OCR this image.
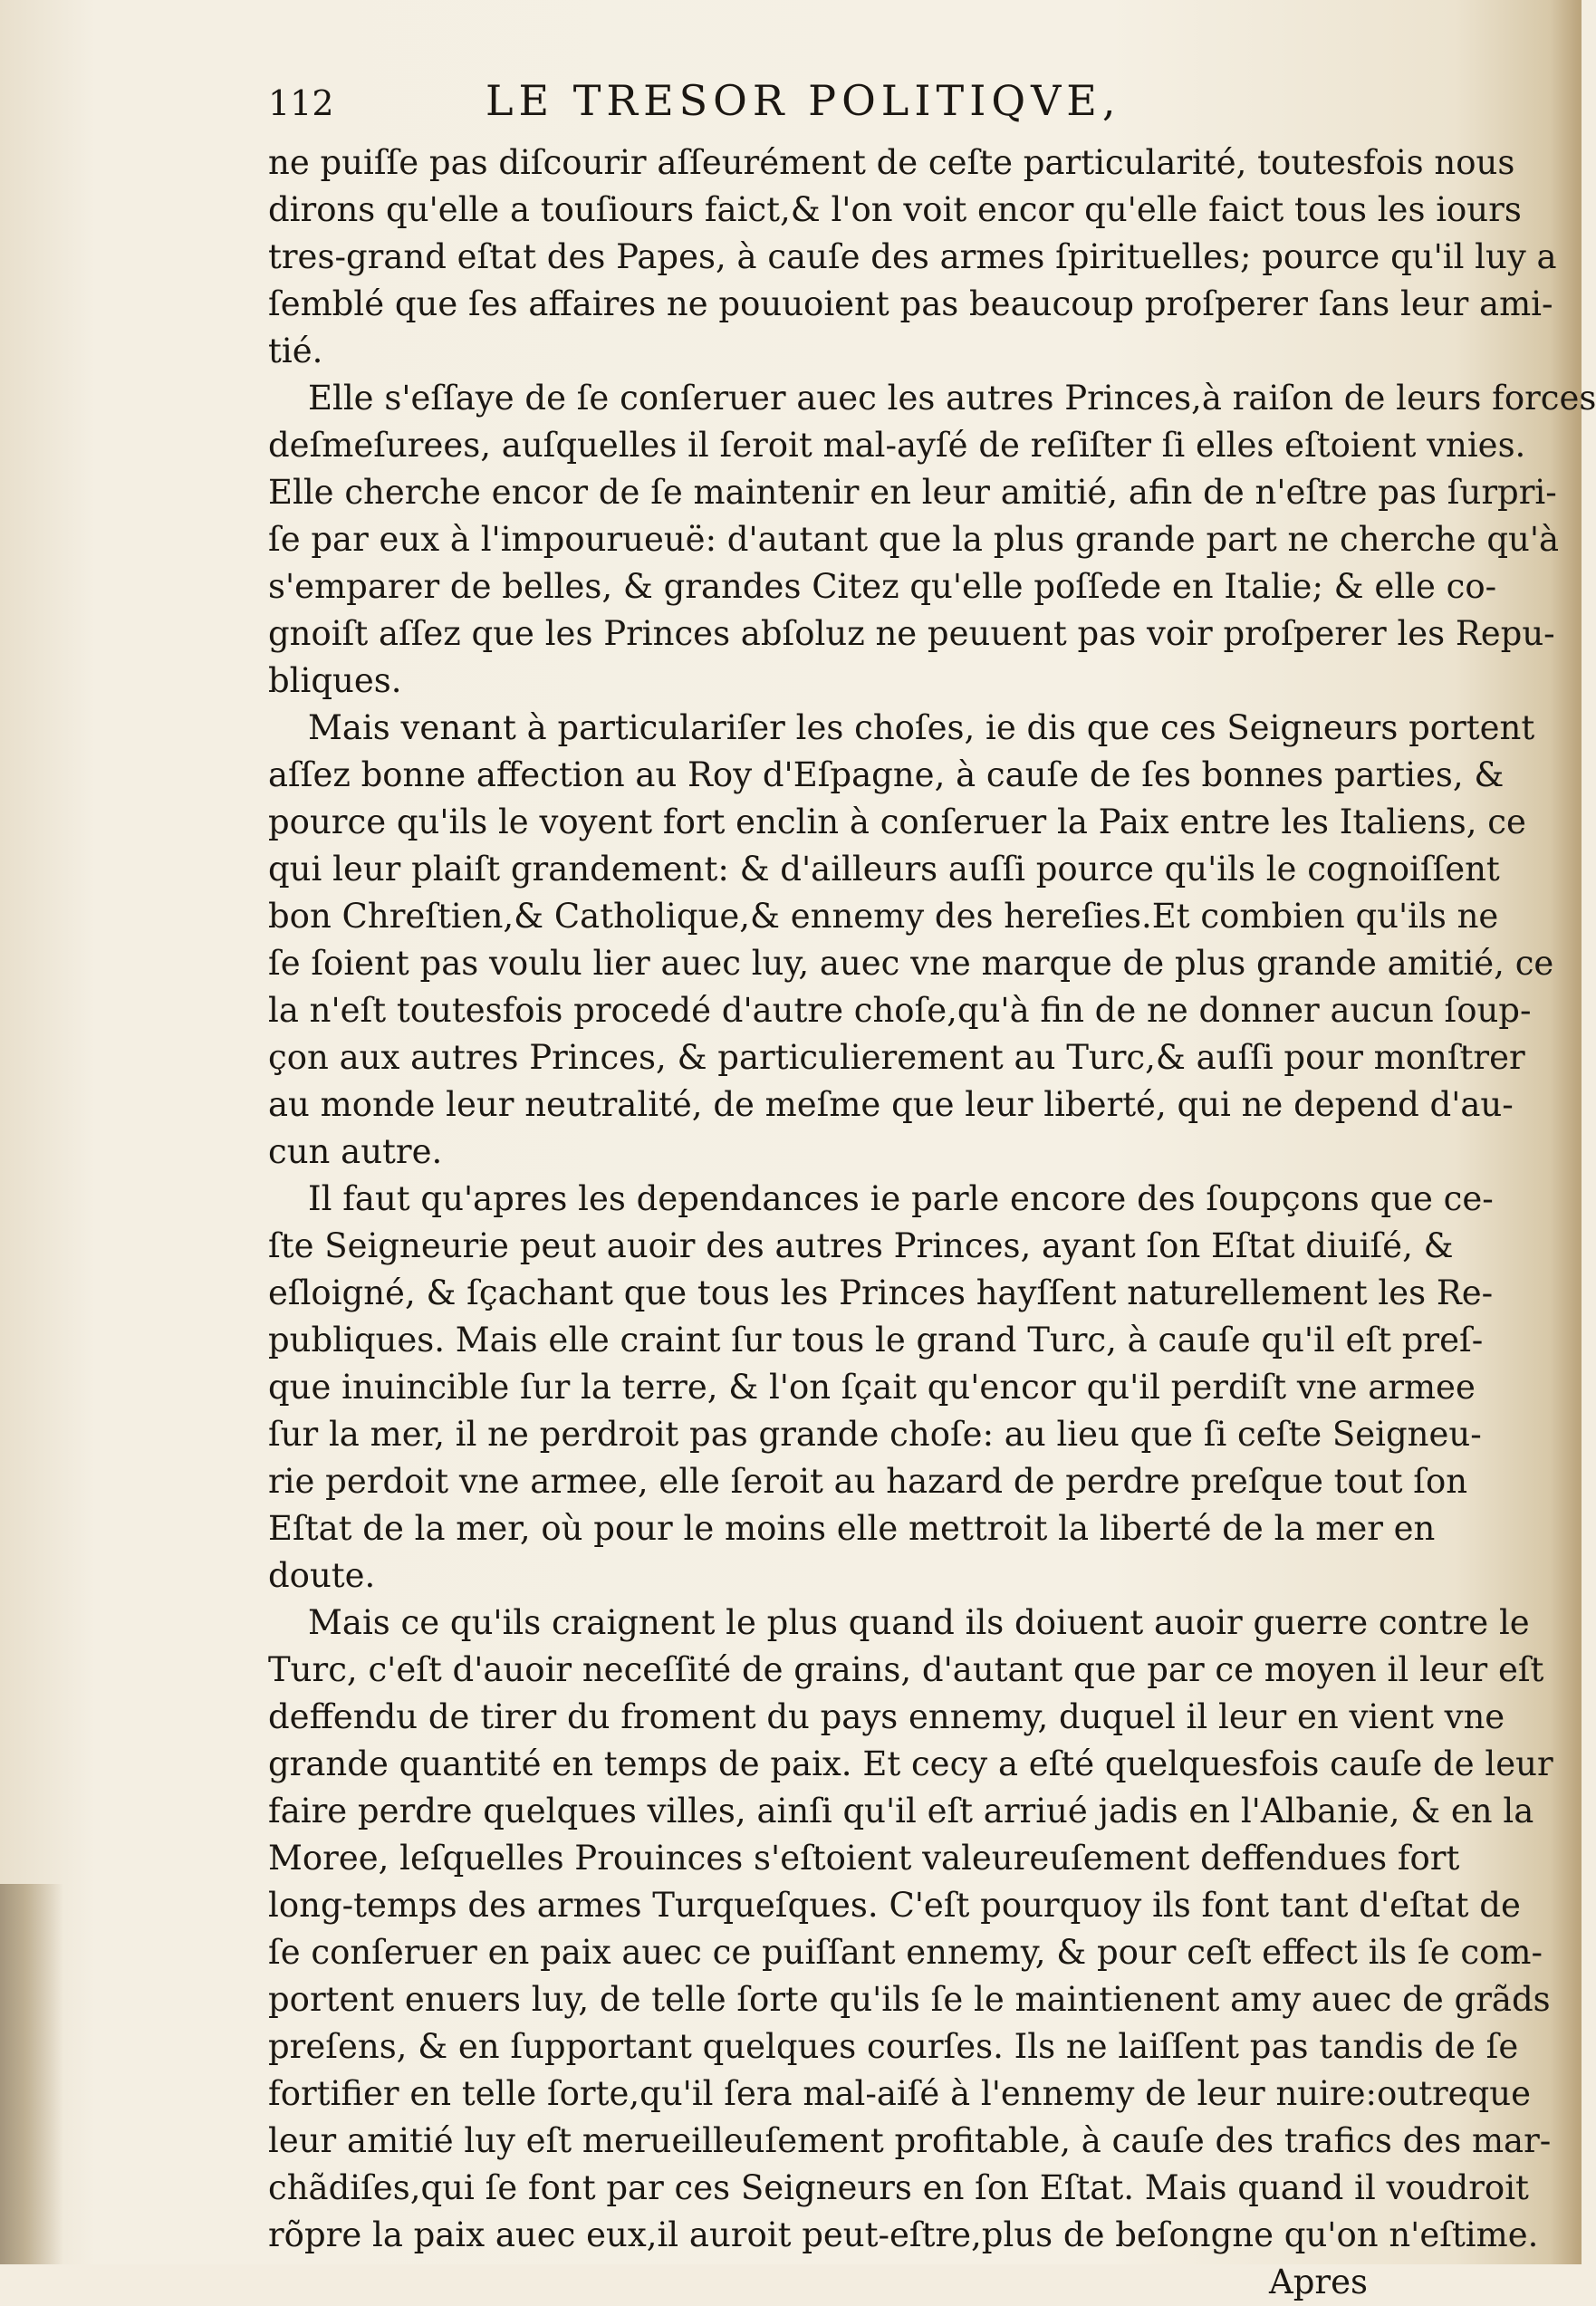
112	LE TRESOR POLITIQVE,
ne puiſſe pas diſcourir aſſeurément de ceſte particularité, toutesfois nous
dirons qu'elle a touſiours faict,& l'on voit encor qu'elle faict tous les iours
tres-grand eſtat des Papes, à cauſe des armes ſpirituelles; pource qu'il luy a
ſemblé que ſes affaires ne pouuoient pas beaucoup proſperer ſans leur ami-
tié.
Elle s'eſſaye de ſe conſeruer auec les autres Princes,à raiſon de leurs forces
deſmeſurees, auſquelles il ſeroit mal-ayſé de reſiſter ſi elles eſtoient vnies.
Elle cherche encor de ſe maintenir en leur amitié, afin de n'eſtre pas ſurpri-
ſe par eux à l'impourueuë: d'autant que la plus grande part ne cherche qu'à
s'emparer de belles, & grandes Citez qu'elle poſſede en Italie; & elle co-
gnoiſt aſſez que les Princes abſoluz ne peuuent pas voir proſperer les Repu-
bliques.
Mais venant à particulariſer les choſes, ie dis que ces Seigneurs portent
aſſez bonne affection au Roy d'Eſpagne, à cauſe de ſes bonnes parties, &
pource qu'ils le voyent fort enclin à conſeruer la Paix entre les Italiens, ce
qui leur plaiſt grandement: & d'ailleurs auſſi pource qu'ils le cognoiſſent
bon Chreſtien,& Catholique,& ennemy des hereſies.Et combien qu'ils ne
ſe ſoient pas voulu lier auec luy, auec vne marque de plus grande amitié, ce
la n'eſt toutesfois procedé d'autre choſe,qu'à fin de ne donner aucun ſoup-
çon aux autres Princes, & particulierement au Turc,& auſſi pour monſtrer
au monde leur neutralité, de meſme que leur liberté, qui ne depend d'au-
cun autre.
Il faut qu'apres les dependances ie parle encore des ſoupçons que ce-
ſte Seigneurie peut auoir des autres Princes, ayant ſon Eſtat diuiſé, &
eſloigné, & ſçachant que tous les Princes hayſſent naturellement les Re-
publiques. Mais elle craint ſur tous le grand Turc, à cauſe qu'il eſt preſ-
que inuincible ſur la terre, & l'on ſçait qu'encor qu'il perdiſt vne armee
ſur la mer, il ne perdroit pas grande choſe: au lieu que ſi ceſte Seigneu-
rie perdoit vne armee, elle ſeroit au hazard de perdre preſque tout ſon
Eſtat de la mer, où pour le moins elle mettroit la liberté de la mer en
doute.
Mais ce qu'ils craignent le plus quand ils doiuent auoir guerre contre le
Turc, c'eſt d'auoir neceſſité de grains, d'autant que par ce moyen il leur eſt
deffendu de tirer du froment du pays ennemy, duquel il leur en vient vne
grande quantité en temps de paix. Et cecy a eſté quelquesfois cauſe de leur
faire perdre quelques villes, ainſi qu'il eſt arriué jadis en l'Albanie, & en la
Moree, leſquelles Prouinces s'eſtoient valeureuſement deffendues fort
long-temps des armes Turqueſques. C'eſt pourquoy ils font tant d'eſtat de
ſe conſeruer en paix auec ce puiſſant ennemy, & pour ceſt effect ils ſe com-
portent enuers luy, de telle ſorte qu'ils ſe le maintienent amy auec de grãds
preſens, & en ſupportant quelques courſes. Ils ne laiſſent pas tandis de ſe
fortifier en telle ſorte,qu'il ſera mal-aiſé à l'ennemy de leur nuire:outreque
leur amitié luy eſt merueilleuſement profitable, à cauſe des trafics des mar-
chãdiſes,qui ſe font par ces Seigneurs en ſon Eſtat. Mais quand il voudroit
rõpre la paix auec eux,il auroit peut-eſtre,plus de beſongne qu'on n'eſtime.
Apres
